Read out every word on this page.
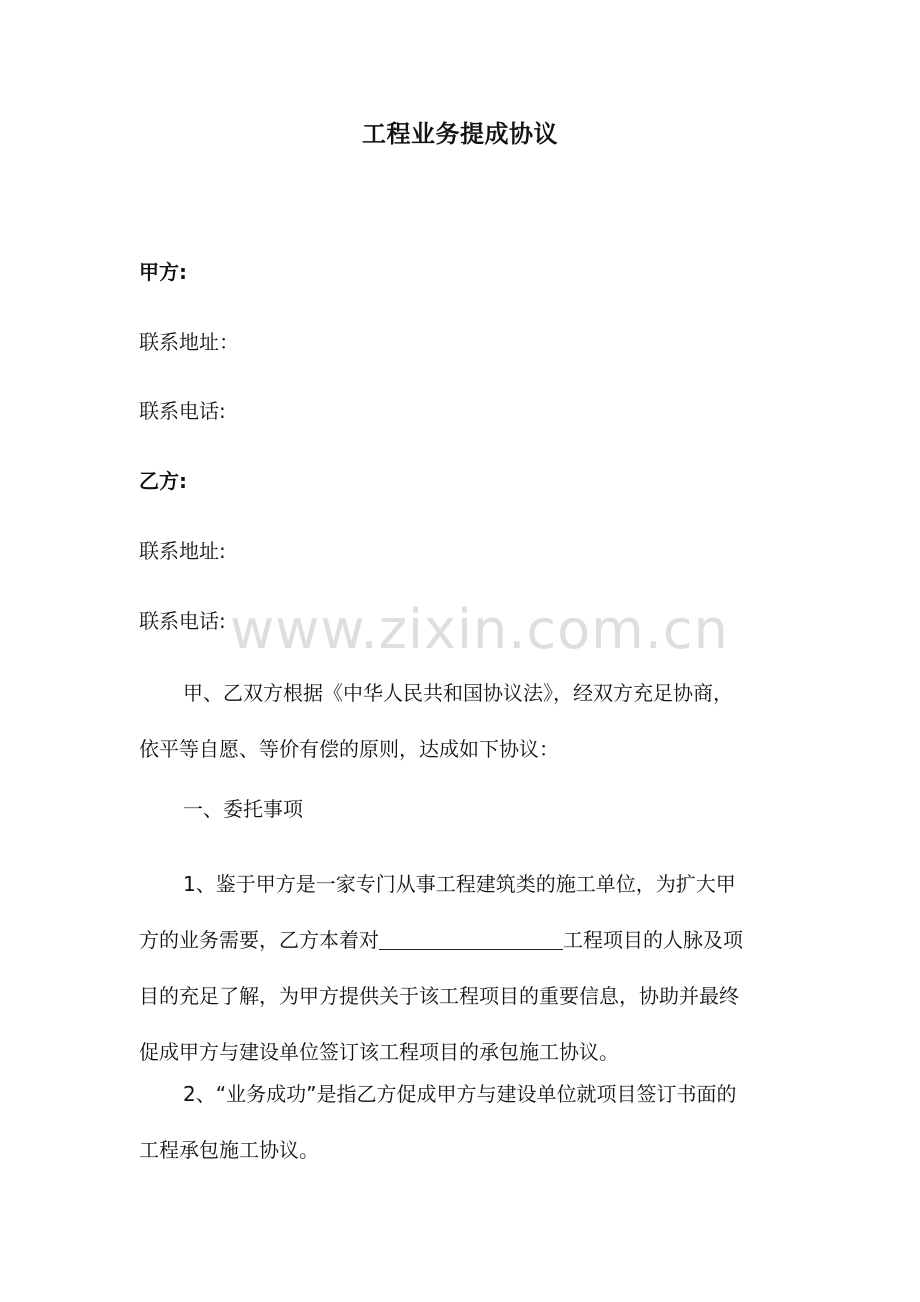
工程业务提成协议
甲方:
联系地址：
联系电话:
乙方:
联系地址:
联系电话:
甲、乙双方根据《中华人民共和国协议法》，经双方充足协商，
依平等自愿、等价有偿的原则，达成如下协议：
一、委托事项
1、鉴于甲方是一家专门从事工程建筑类的施工单位，为扩大甲
方的业务需要，乙方本着对	工程项目的人脉及项
目的充足了解，为甲方提供关于该工程项目的重要信息，协助并最终
促成甲方与建设单位签订该工程项目的承包施工协议。
2、“业务成功”是指乙方促成甲方与建设单位就项目签订书面的
工程承包施工协议。
www.zixin.com.cn
